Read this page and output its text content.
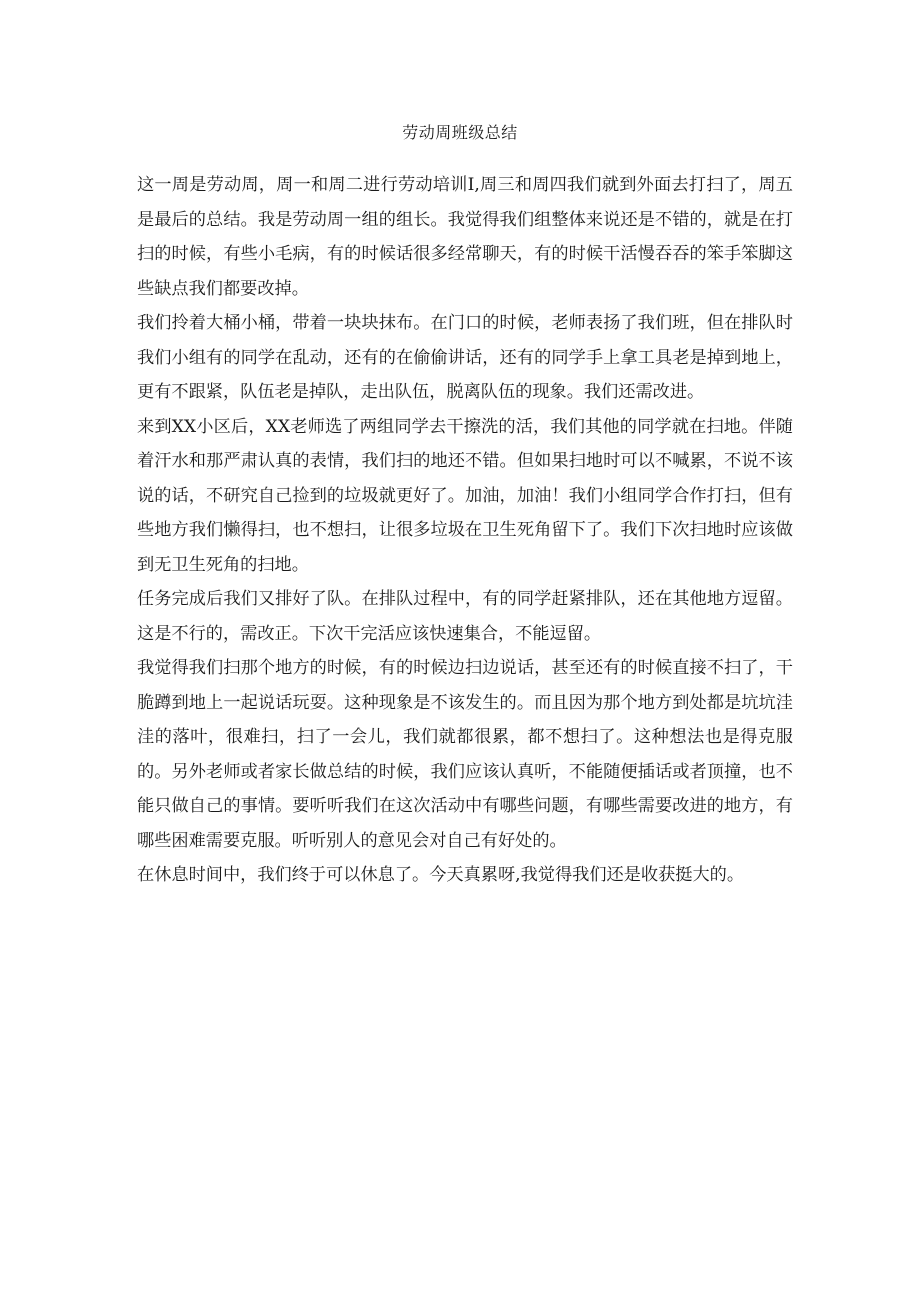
劳动周班级总结

这一周是劳动周，周一和周二进行劳动培训I,周三和周四我们就到外面去打扫了，周五是最后的总结。我是劳动周一组的组长。我觉得我们组整体来说还是不错的，就是在打扫的时候，有些小毛病，有的时候话很多经常聊天，有的时候干活慢吞吞的笨手笨脚这些缺点我们都要改掉。

我们拎着大桶小桶，带着一块块抹布。在门口的时候，老师表扬了我们班，但在排队时我们小组有的同学在乱动，还有的在偷偷讲话，还有的同学手上拿工具老是掉到地上，更有不跟紧，队伍老是掉队，走出队伍，脱离队伍的现象。我们还需改进。

来到XX小区后，XX老师选了两组同学去干擦洗的活，我们其他的同学就在扫地。伴随着汗水和那严肃认真的表情，我们扫的地还不错。但如果扫地时可以不喊累，不说不该说的话，不研究自己捡到的垃圾就更好了。加油，加油！我们小组同学合作打扫，但有些地方我们懒得扫，也不想扫，让很多垃圾在卫生死角留下了。我们下次扫地时应该做到无卫生死角的扫地。

任务完成后我们又排好了队。在排队过程中，有的同学赶紧排队，还在其他地方逗留。这是不行的，需改正。下次干完活应该快速集合，不能逗留。

我觉得我们扫那个地方的时候，有的时候边扫边说话，甚至还有的时候直接不扫了，干脆蹲到地上一起说话玩耍。这种现象是不该发生的。而且因为那个地方到处都是坑坑洼洼的落叶，很难扫，扫了一会儿，我们就都很累，都不想扫了。这种想法也是得克服的。另外老师或者家长做总结的时候，我们应该认真听，不能随便插话或者顶撞，也不能只做自己的事情。要听听我们在这次活动中有哪些问题，有哪些需要改进的地方，有哪些困难需要克服。听听别人的意见会对自己有好处的。

在休息时间中，我们终于可以休息了。今天真累呀,我觉得我们还是收获挺大的。
